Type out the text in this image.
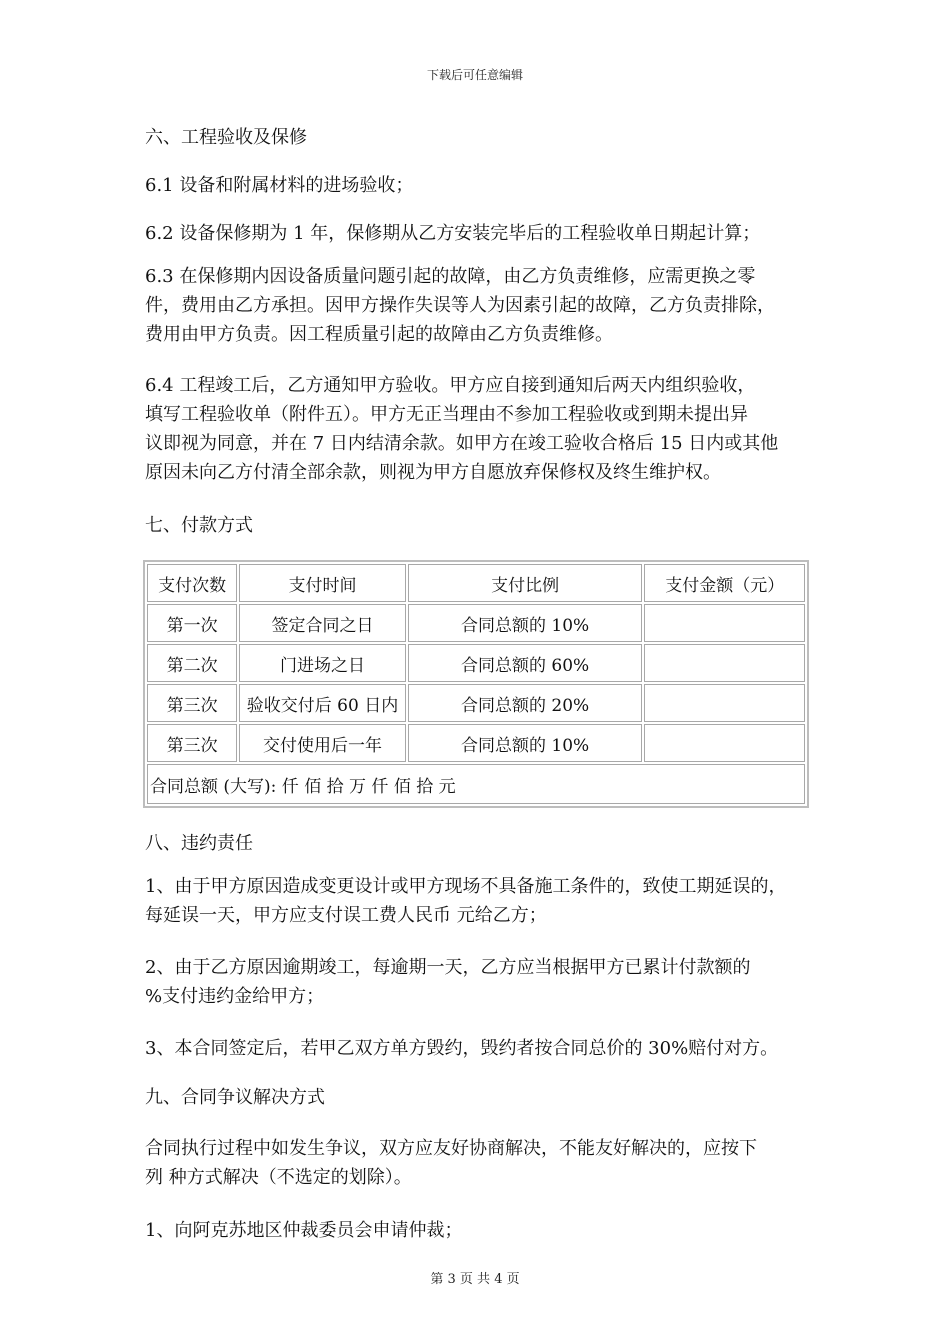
下载后可任意编辑
六、工程验收及保修
6.1 设备和附属材料的进场验收；
6.2 设备保修期为 1 年，保修期从乙方安装完毕后的工程验收单日期起计算；
6.3 在保修期内因设备质量问题引起的故障，由乙方负责维修，应需更换之零
件，费用由乙方承担。因甲方操作失误等人为因素引起的故障，乙方负责排除，
费用由甲方负责。因工程质量引起的故障由乙方负责维修。
6.4 工程竣工后，乙方通知甲方验收。甲方应自接到通知后两天内组织验收，
填写工程验收单（附件五）。甲方无正当理由不参加工程验收或到期未提出异
议即视为同意，并在 7 日内结清余款。如甲方在竣工验收合格后 15 日内或其他
原因未向乙方付清全部余款，则视为甲方自愿放弃保修权及终生维护权。
七、付款方式
支付次数	支付时间	支付比例	支付金额（元）
第一次	签定合同之日	合同总额的 10%	
第二次	门进场之日	合同总额的 60%	
第三次	验收交付后 60 日内	合同总额的 20%	
第三次	交付使用后一年	合同总额的 10%	
合同总额 (大写): 仟 佰 拾 万 仟 佰 拾 元			
八、违约责任
1、由于甲方原因造成变更设计或甲方现场不具备施工条件的，致使工期延误的，
每延误一天，甲方应支付误工费人民币 元给乙方；
2、由于乙方原因逾期竣工，每逾期一天，乙方应当根据甲方已累计付款额的
%支付违约金给甲方；
3、本合同签定后，若甲乙双方单方毁约，毁约者按合同总价的 30%赔付对方。
九、合同争议解决方式
合同执行过程中如发生争议，双方应友好协商解决，不能友好解决的，应按下
列 种方式解决（不选定的划除）。
1、向阿克苏地区仲裁委员会申请仲裁；
第 3 页 共 4 页
